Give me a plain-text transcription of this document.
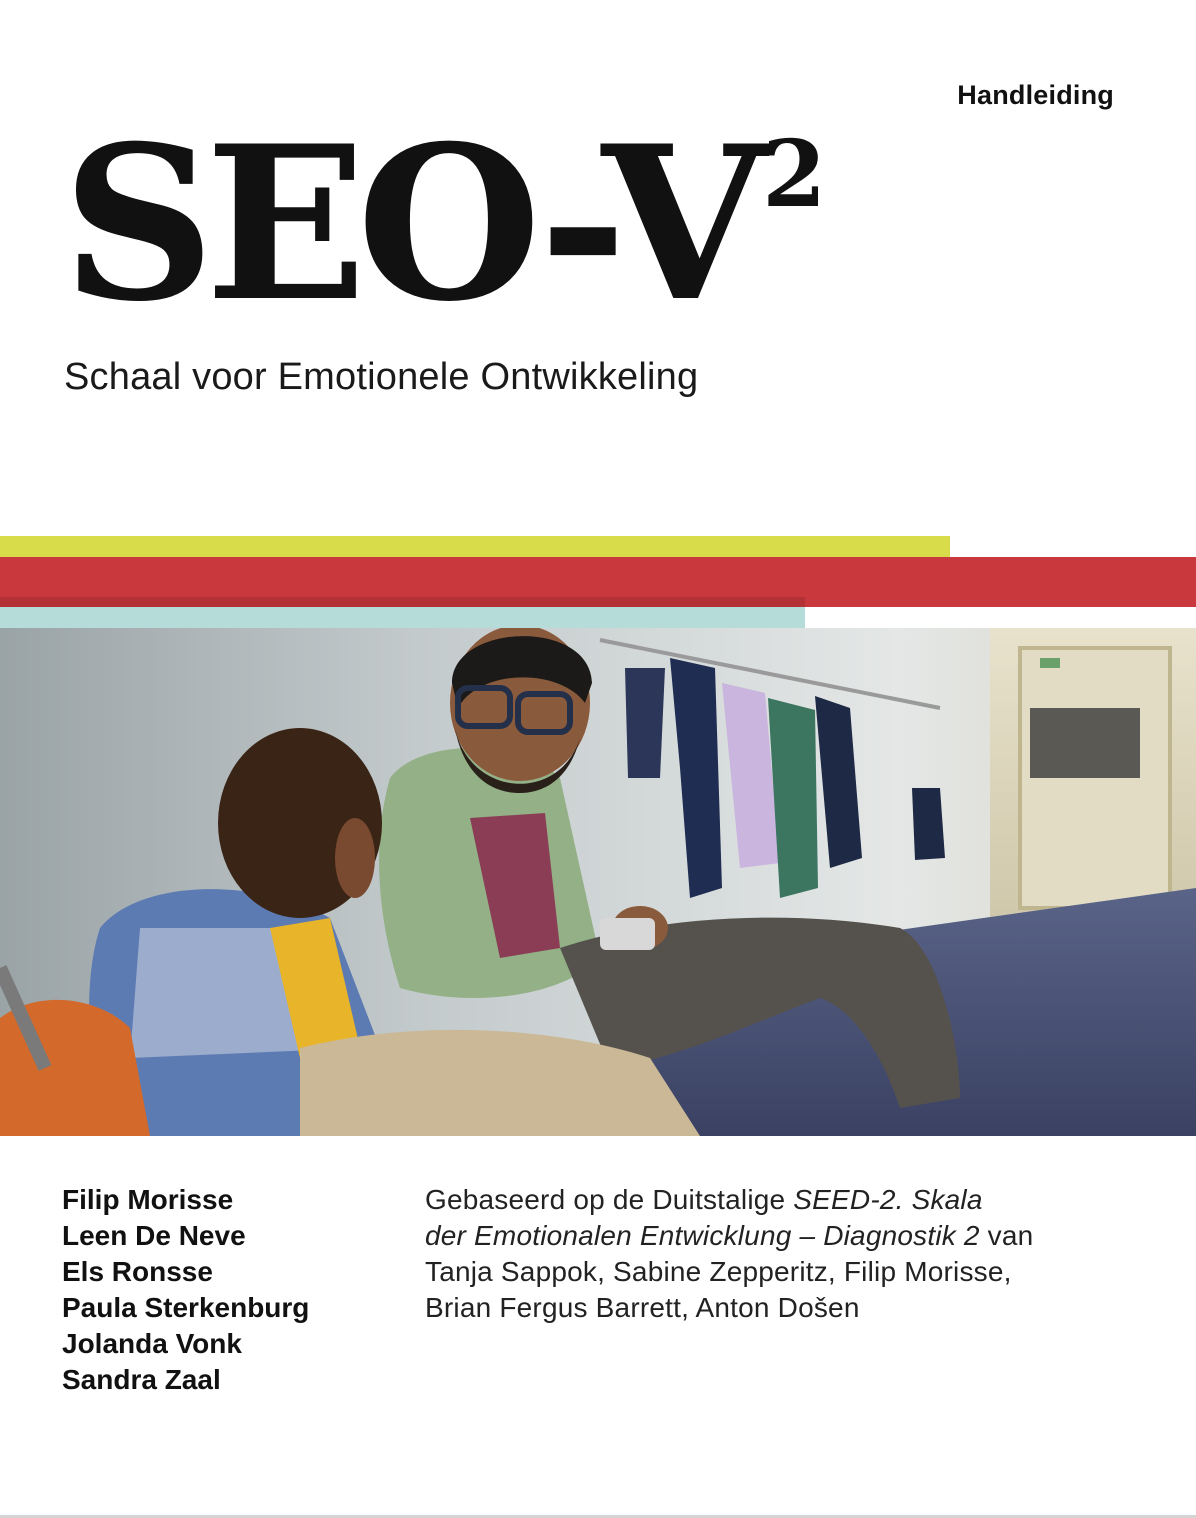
Handleiding
SEO-$V^2$
Schaal voor Emotionele Ontwikkeling
Filip Morisse
Leen De Neve
Els Ronsse
Paula Sterkenburg
Jolanda Vonk
Sandra Zaal
Gebaseerd op de Duitstalige SEED-2. Skala
der Emotionalen Entwicklung – Diagnostik 2 van
Tanja Sappok, Sabine Zepperitz, Filip Morisse,
Brian Fergus Barrett, Anton Došen
